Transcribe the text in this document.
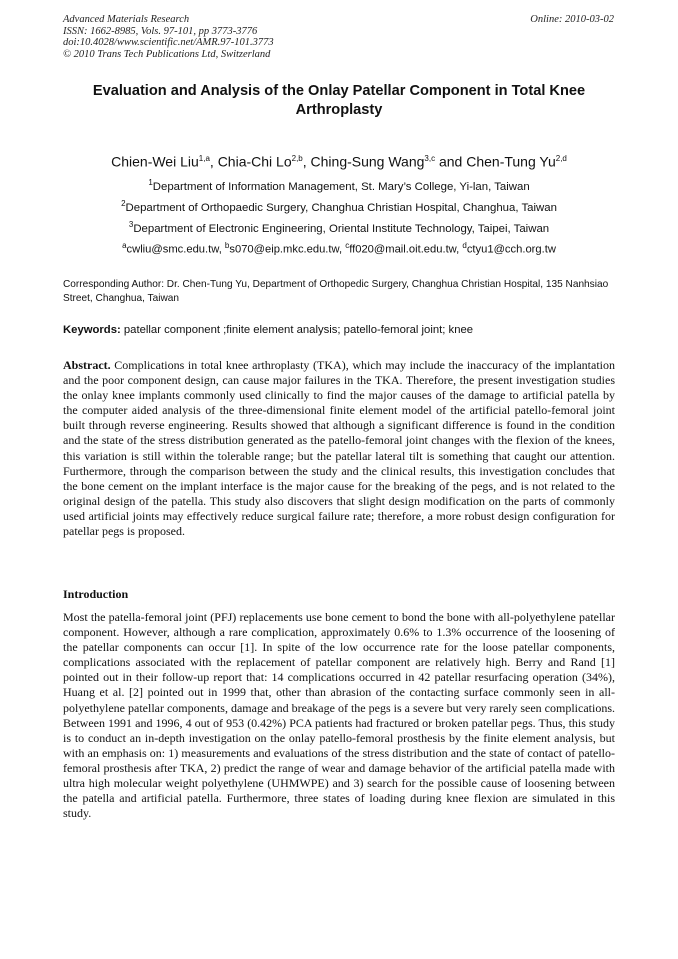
Advanced Materials Research
ISSN: 1662-8985, Vols. 97-101, pp 3773-3776
doi:10.4028/www.scientific.net/AMR.97-101.3773
© 2010 Trans Tech Publications Ltd, Switzerland
Online: 2010-03-02
Evaluation and Analysis of the Onlay Patellar Component in Total Knee Arthroplasty
Chien-Wei Liu$^{1,a}$, Chia-Chi Lo$^{2,b}$, Ching-Sung Wang$^{3,c}$ and Chen-Tung Yu$^{2,d}$
$^1$Department of Information Management, St. Mary’s College, Yi-lan, Taiwan
$^2$Department of Orthopaedic Surgery, Changhua Christian Hospital, Changhua, Taiwan
$^3$Department of Electronic Engineering, Oriental Institute Technology, Taipei, Taiwan
$^a$cwliu@smc.edu.tw, $^b$s070@eip.mkc.edu.tw, $^c$ff020@mail.oit.edu.tw, $^d$ctyu1@cch.org.tw
Corresponding Author: Dr. Chen-Tung Yu, Department of Orthopedic Surgery, Changhua Christian Hospital, 135 Nanhsiao Street, Changhua, Taiwan
Keywords: patellar component ;finite element analysis; patello-femoral joint; knee
Abstract. Complications in total knee arthroplasty (TKA), which may include the inaccuracy of the implantation and the poor component design, can cause major failures in the TKA. Therefore, the present investigation studies the onlay knee implants commonly used clinically to find the major causes of the damage to artificial patella by the computer aided analysis of the three-dimensional finite element model of the artificial patello-femoral joint built through reverse engineering. Results showed that although a significant difference is found in the condition and the state of the stress distribution generated as the patello-femoral joint changes with the flexion of the knees, this variation is still within the tolerable range; but the patellar lateral tilt is something that caught our attention. Furthermore, through the comparison between the study and the clinical results, this investigation concludes that the bone cement on the implant interface is the major cause for the breaking of the pegs, and is not related to the original design of the patella. This study also discovers that slight design modification on the parts of commonly used artificial joints may effectively reduce surgical failure rate; therefore, a more robust design configuration for patellar pegs is proposed.
Introduction
Most the patella-femoral joint (PFJ) replacements use bone cement to bond the bone with all-polyethylene patellar component. However, although a rare complication, approximately 0.6% to 1.3% occurrence of the loosening of the patellar components can occur [1]. In spite of the low occurrence rate for the loose patellar components, complications associated with the replacement of patellar component are relatively high. Berry and Rand [1] pointed out in their follow-up report that: 14 complications occurred in 42 patellar resurfacing operation (34%), Huang et al. [2] pointed out in 1999 that, other than abrasion of the contacting surface commonly seen in all-polyethylene patellar components, damage and breakage of the pegs is a severe but very rarely seen complications. Between 1991 and 1996, 4 out of 953 (0.42%) PCA patients had fractured or broken patellar pegs. Thus, this study is to conduct an in-depth investigation on the onlay patello-femoral prosthesis by the finite element analysis, but with an emphasis on: 1) measurements and evaluations of the stress distribution and the state of contact of patello-femoral prosthesis after TKA, 2) predict the range of wear and damage behavior of the artificial patella made with ultra high molecular weight polyethylene (UHMWPE) and 3) search for the possible cause of loosening between the patella and artificial patella. Furthermore, three states of loading during knee flexion are simulated in this study.
